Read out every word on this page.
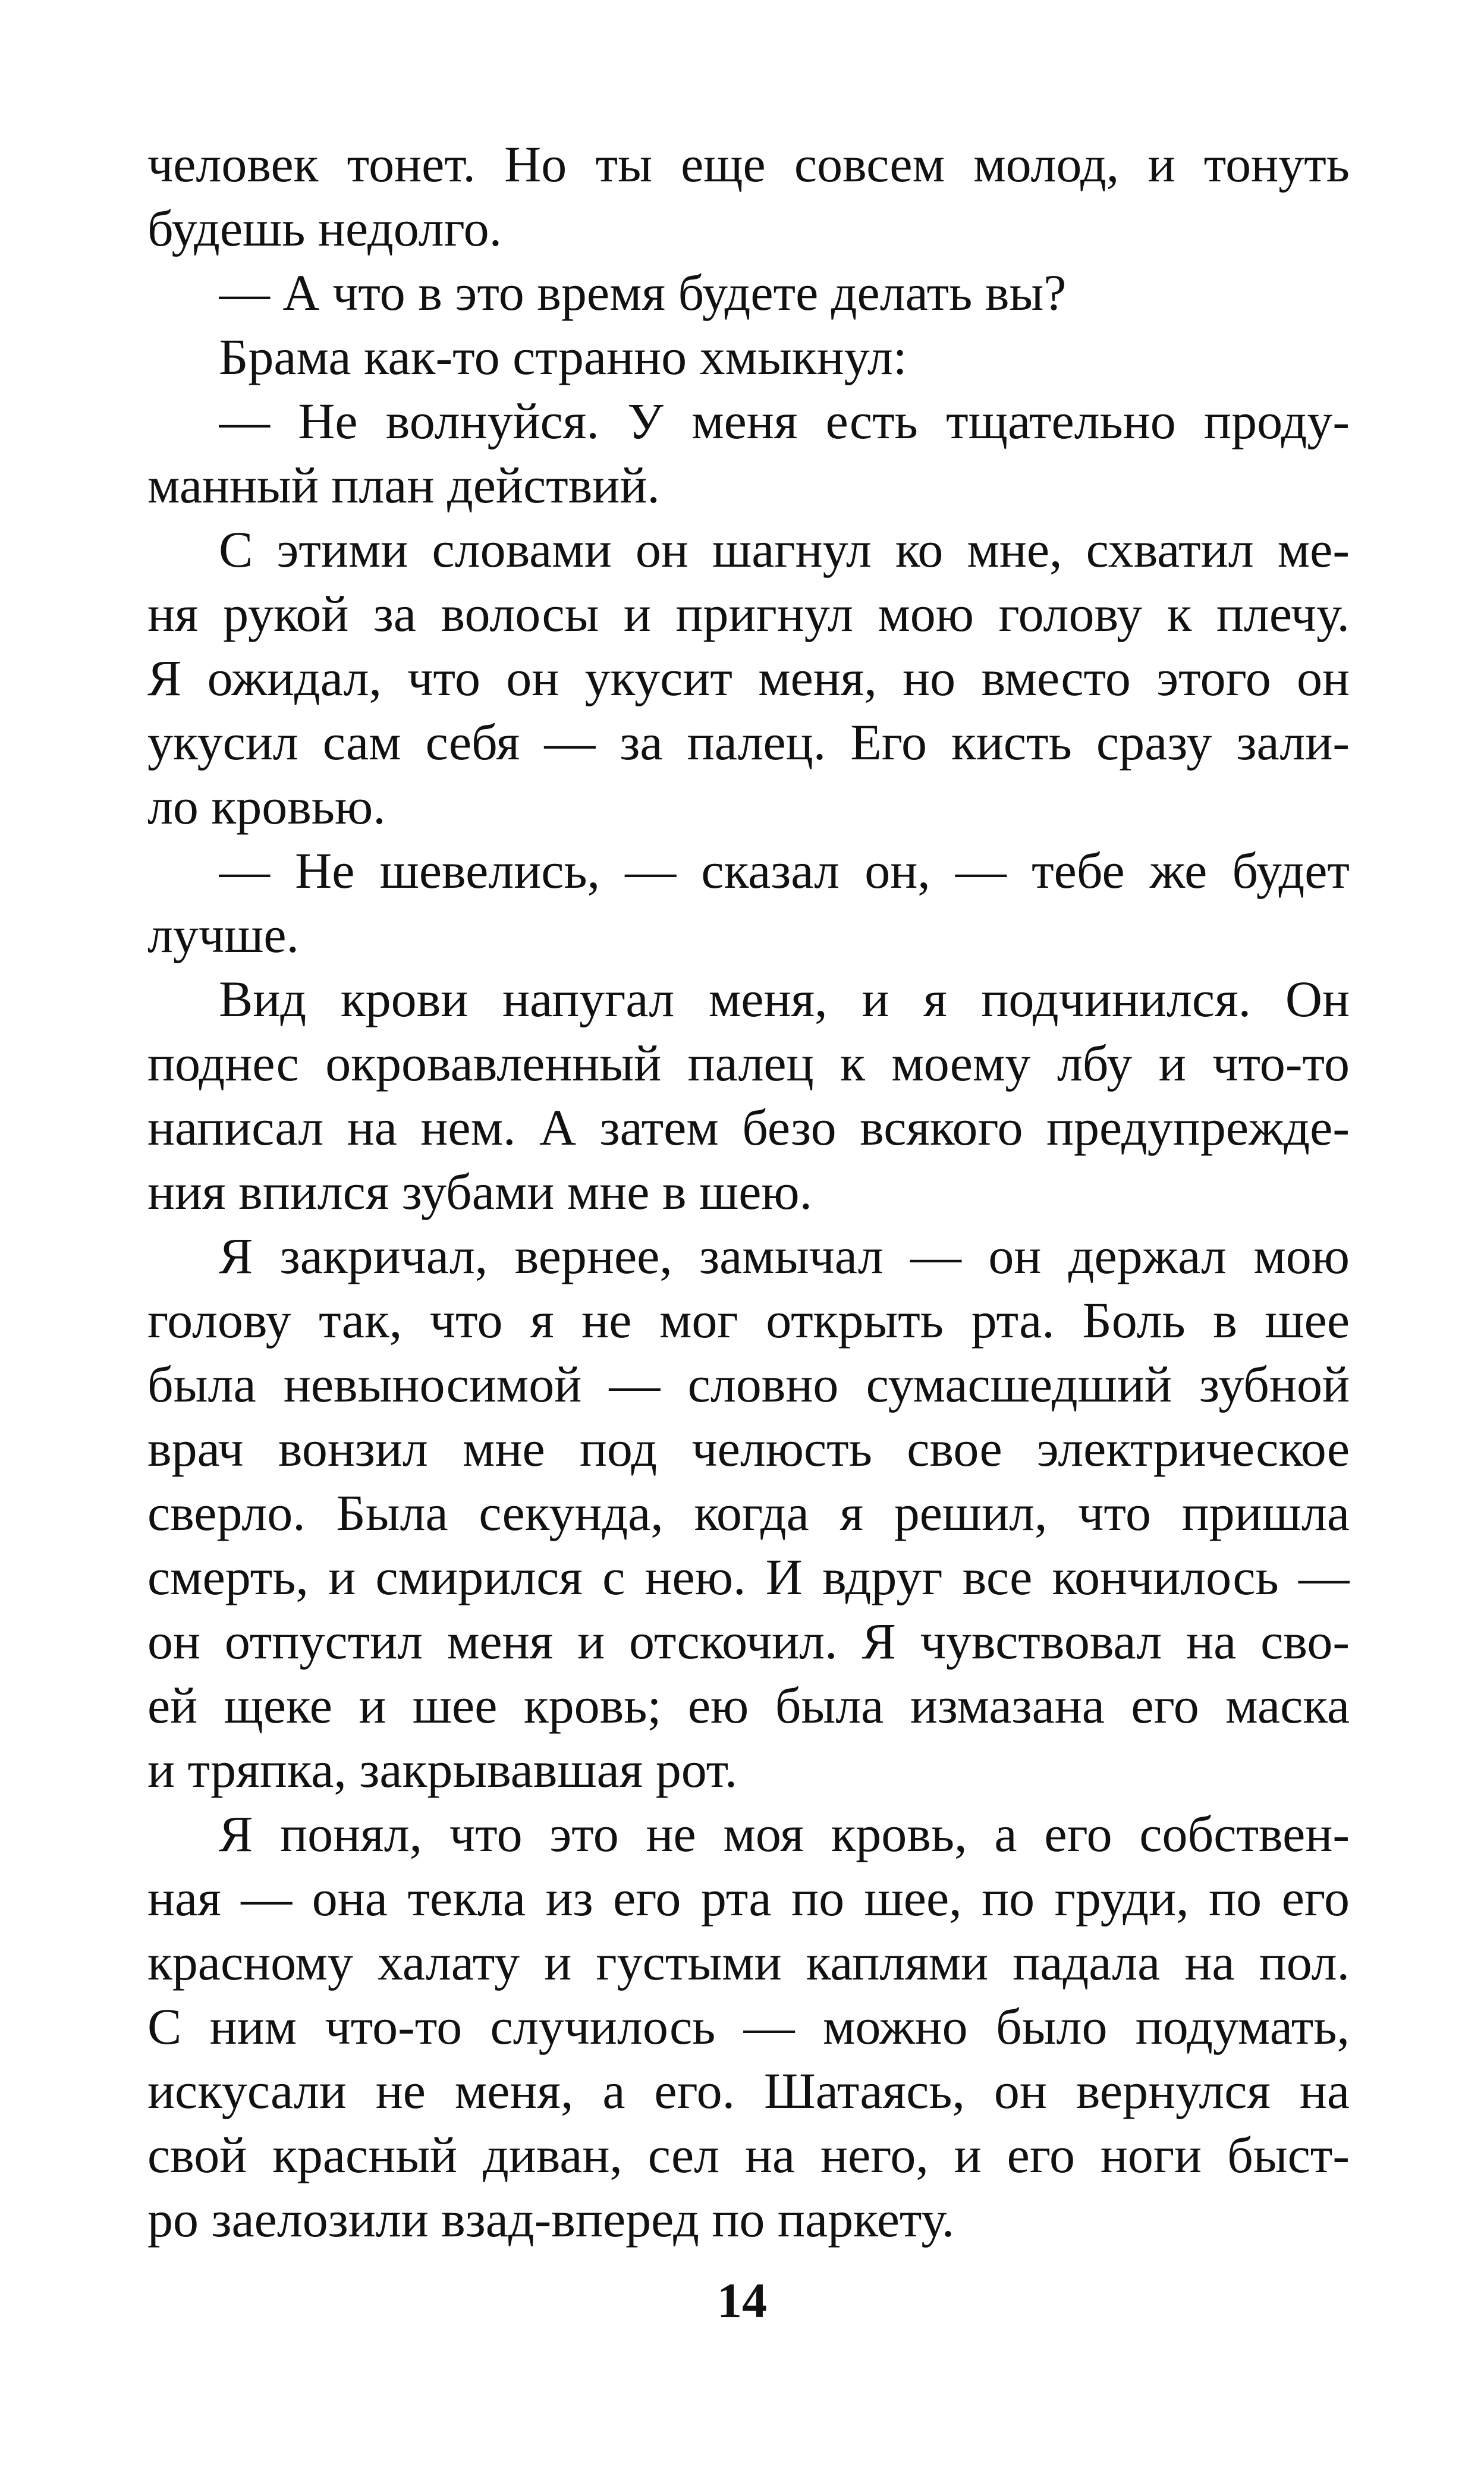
человек тонет. Но ты еще совсем молод, и тонуть
будешь недолго.
— А что в это время будете делать вы?
Брама как-то странно хмыкнул:
— Не волнуйся. У меня есть тщательно проду-
манный план действий.
С этими словами он шагнул ко мне, схватил ме-
ня рукой за волосы и пригнул мою голову к плечу.
Я ожидал, что он укусит меня, но вместо этого он
укусил сам себя — за палец. Его кисть сразу зали-
ло кровью.
— Не шевелись, — сказал он, — тебе же будет
лучше.
Вид крови напугал меня, и я подчинился. Он
поднес окровавленный палец к моему лбу и что-то
написал на нем. А затем безо всякого предупрежде-
ния впился зубами мне в шею.
Я закричал, вернее, замычал — он держал мою
голову так, что я не мог открыть рта. Боль в шее
была невыносимой — словно сумасшедший зубной
врач вонзил мне под челюсть свое электрическое
сверло. Была секунда, когда я решил, что пришла
смерть, и смирился с нею. И вдруг все кончилось —
он отпустил меня и отскочил. Я чувствовал на сво-
ей щеке и шее кровь; ею была измазана его маска
и тряпка, закрывавшая рот.
Я понял, что это не моя кровь, а его собствен-
ная — она текла из его рта по шее, по груди, по его
красному халату и густыми каплями падала на пол.
С ним что-то случилось — можно было подумать,
искусали не меня, а его. Шатаясь, он вернулся на
свой красный диван, сел на него, и его ноги быст-
ро заелозили взад-вперед по паркету.
14
